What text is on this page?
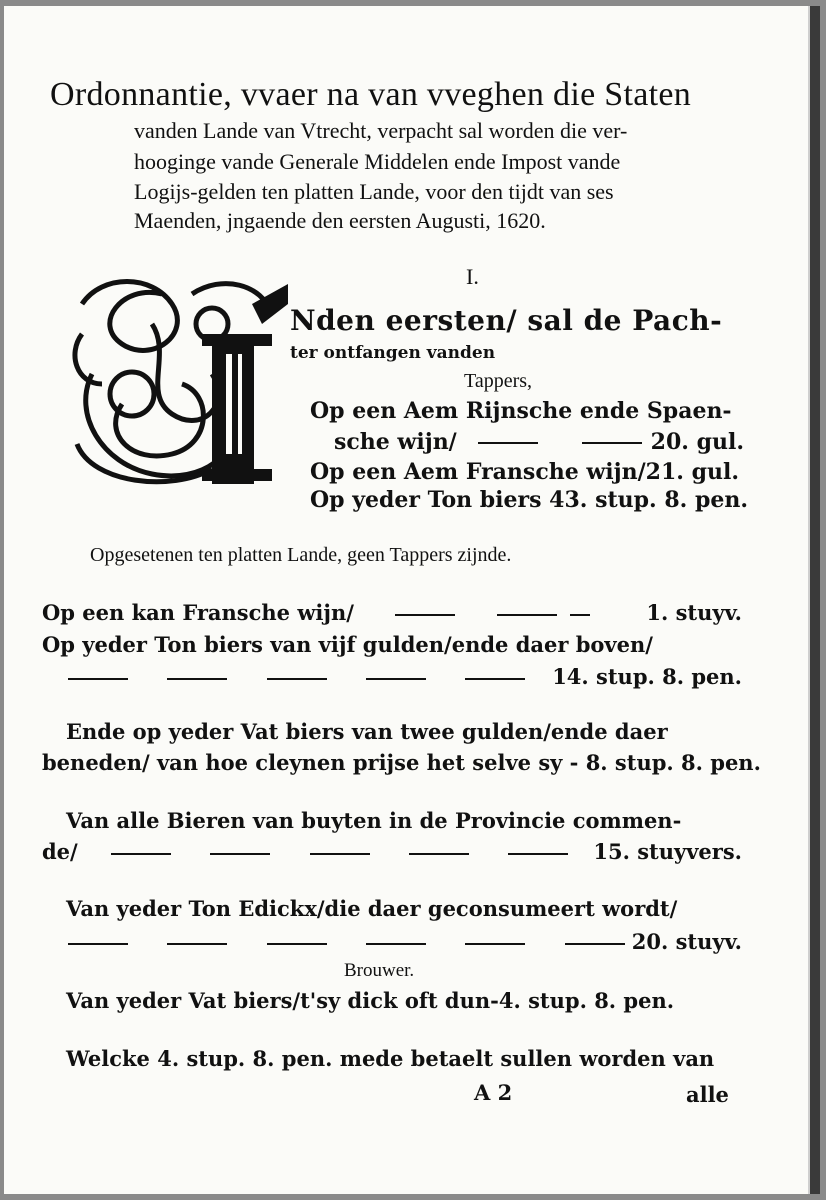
Ordonnantie, vvaer na van vveghen die Staten
vanden Lande van Vtrecht, verpacht sal worden die ver-
hooginge vande Generale Middelen ende Impost vande
Logijs-gelden ten platten Lande, voor den tijdt van ses
Maenden, jngaende den eersten Augusti, 1620.
I.
Nden eersten/ sal de Pach-
ter ontfangen vanden
Tappers,
Op een Aem Rijnsche ende Spaen-
sche wijn/	20. gul.
Op een Aem Fransche wijn/21. gul.
Op yeder Ton biers 43. stup. 8. pen.
Opgesetenen ten platten Lande, geen Tappers zijnde.
Op een kan Fransche wijn/	1. stuyv.
Op yeder Ton biers van vijf gulden/ende daer boven/

14. stup. 8. pen.
Ende op yeder Vat biers van twee gulden/ende daer
beneden/ van hoe cleynen prijse het selve sy - 8. stup. 8. pen.
Van alle Bieren van buyten in de Provincie commen-
de/	15. stuyvers.
Van yeder Ton Edickx/die daer geconsumeert wordt/

20. stuyv.
Brouwer.
Van yeder Vat biers/t'sy dick oft dun-4. stup. 8. pen.
Welcke 4. stup. 8. pen. mede betaelt sullen worden van
A 2	alle
